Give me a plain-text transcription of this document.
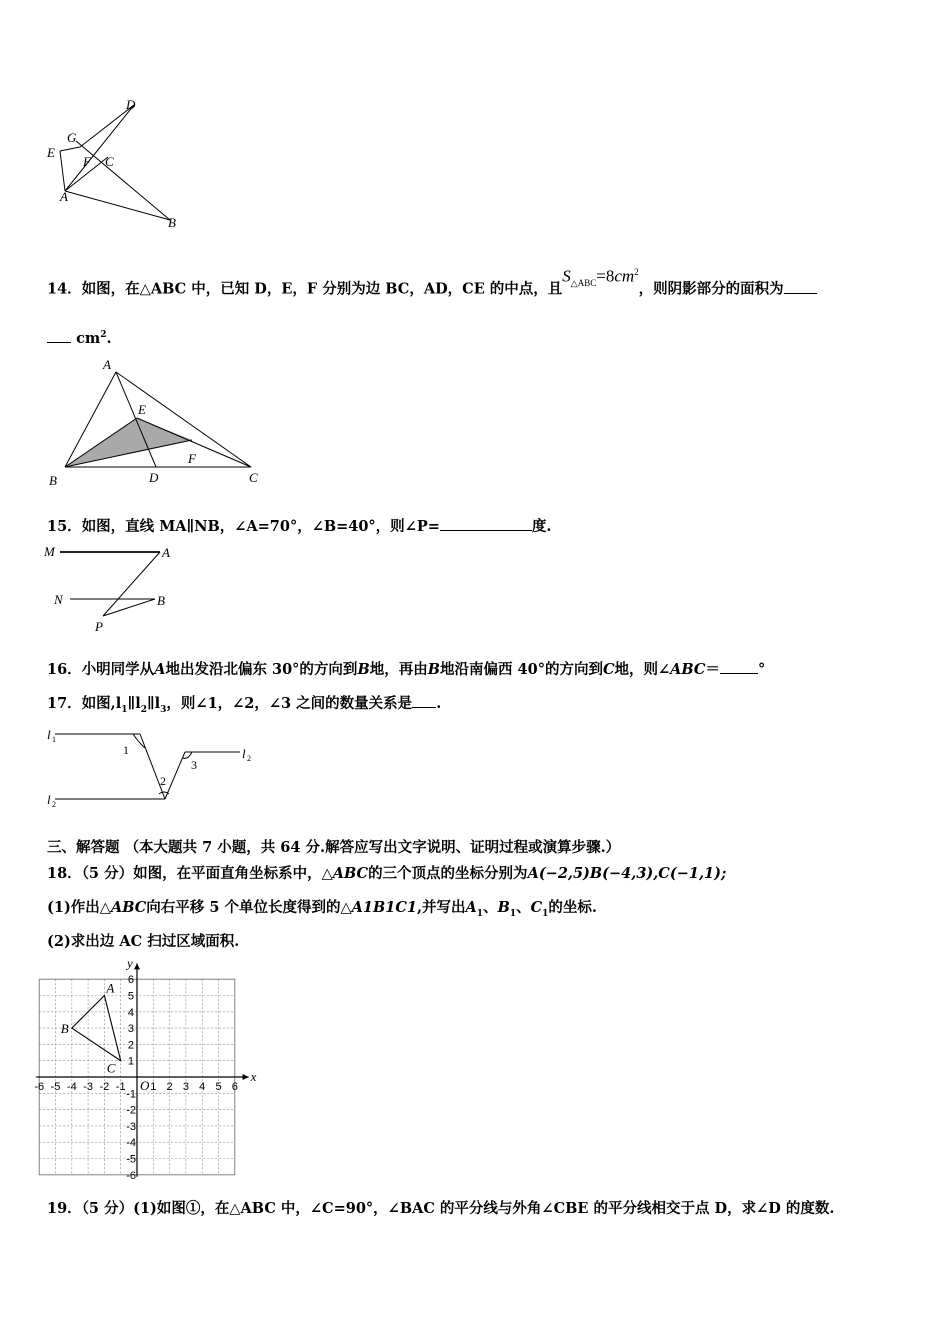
D
G
E
F C
A
B
14．如图，在△ABC 中，已知 D，E，F 分别为边 BC，AD，CE 的中点，且$S_{\triangle ABC}=8cm^2$，则阴影部分的面积为
$cm^2$.
A
E
F
B	D	C
15．如图，直线 MA∥NB，∠A=70°，∠B=40°，则∠P=	度.
M	A
N	B
P
16．小明同学从A地出发沿北偏东 30°的方向到B地，再由B地沿南偏西 40°的方向到C地，则∠ABC＝	°
17．如图$,l_1\parallel l_2\parallel l_3$，则∠1，∠2，∠3 之间的数量关系是 .
l 1
l 2
l 2
1
2
3
三、解答题 （本大题共 7 小题，共 64 分.解答应写出文字说明、证明过程或演算步骤.）
18．（5 分）如图，在平面直角坐标系中，△ABC的三个顶点的坐标分别为A(−2,5)B(−4,3),C(−1,1);
(1)作出△ABC向右平移 5 个单位长度得到的△A1B1C1,并写出$A_1$、$B_1$、$C_1$的坐标.
(2)求出边 AC 扫过区域面积.
1
1
2
2
3
3
4
4
5
5
6
6
-6 -5 -4 -3 -2 -1
-1
-2
-3
-4
-5
-6
O
x
y
A
B
C
19．（5 分）(1)如图①，在△ABC 中，∠C=90°，∠BAC 的平分线与外角∠CBE 的平分线相交于点 D，求∠D 的度数.
